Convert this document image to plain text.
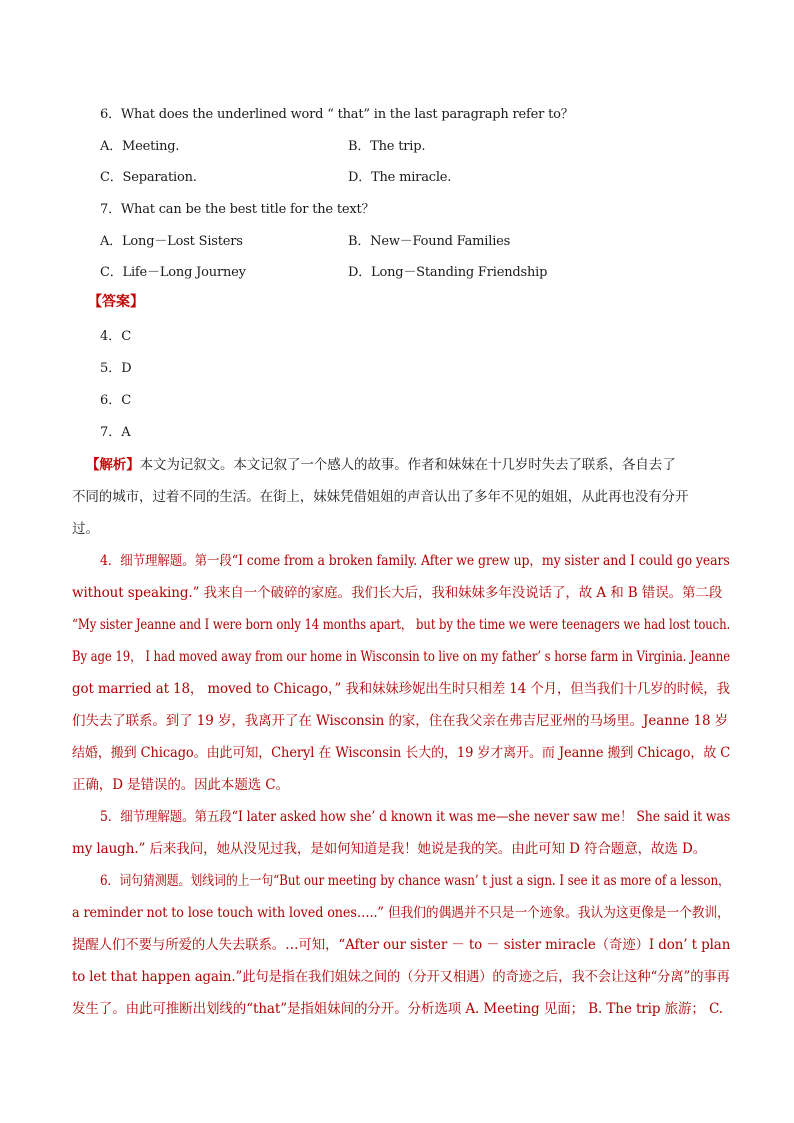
6．What does the underlined word “ that” in the last paragraph refer to？
A．Meeting.	B．The trip.
C．Separation.	D．The miracle.
7．What can be the best title for the text？
A．Long－Lost Sisters	B．New－Found Families
C．Life－Long Journey	D．Long－Standing Friendship
【答案】
4．C
5．D
6．C
7．A
【解析】本文为记叙文。本文记叙了一个感人的故事。作者和妹妹在十几岁时失去了联系，各自去了
不同的城市，过着不同的生活。在街上，妹妹凭借姐姐的声音认出了多年不见的姐姐，从此再也没有分开
过。
4．细节理解题。第一段“I come from a broken family. After we grew up，my sister and I could go years
without speaking.” 我来自一个破碎的家庭。我们长大后，我和妹妹多年没说话了，故 A 和 B 错误。第二段
“My sister Jeanne and I were born only 14 months apart， but by the time we were teenagers we had lost touch.
By age 19， I had moved away from our home in Wisconsin to live on my father’ s horse farm in Virginia. Jeanne
got married at 18， moved to Chicago，” 我和妹妹珍妮出生时只相差 14 个月，但当我们十几岁的时候，我
们失去了联系。到了 19 岁，我离开了在 Wisconsin 的家，住在我父亲在弗吉尼亚州的马场里。Jeanne 18 岁
结婚，搬到 Chicago。由此可知，Cheryl 在 Wisconsin 长大的，19 岁才离开。而 Jeanne 搬到 Chicago，故 C
正确，D 是错误的。因此本题选 C。
5．细节理解题。第五段“I later asked how she’ d known it was me—she never saw me！ She said it was
my laugh.” 后来我问，她从没见过我，是如何知道是我！她说是我的笑。由此可知 D 符合题意，故选 D。
6．词句猜测题。划线词的上一句“But our meeting by chance wasn’ t just a sign. I see it as more of a lesson，
a reminder not to lose touch with loved ones…..” 但我们的偶遇并不只是一个迹象。我认为这更像是一个教训，
提醒人们不要与所爱的人失去联系。…可知，“After our sister － to － sister miracle（奇迹）I don’ t plan
to let that happen again.”此句是指在我们姐妹之间的（分开又相遇）的奇迹之后，我不会让这种“分离”的事再
发生了。由此可推断出划线的“that”是指姐妹间的分开。分析选项 A. Meeting 见面； B. The trip 旅游； C.
